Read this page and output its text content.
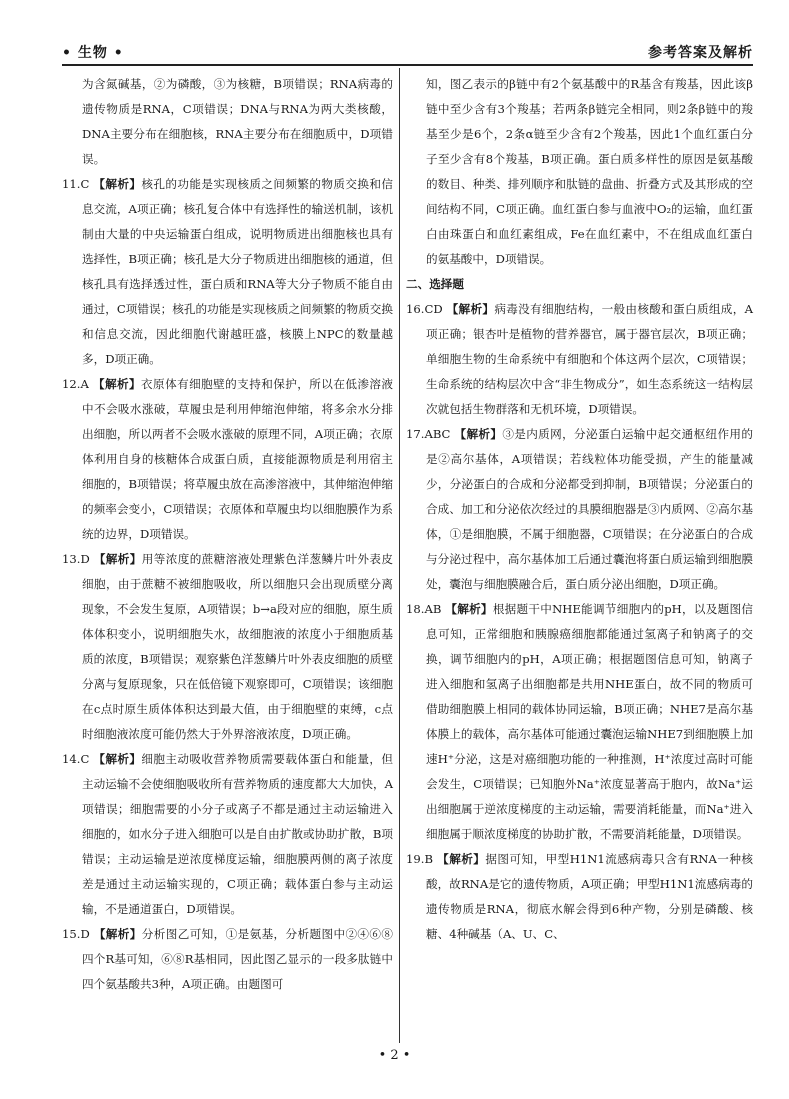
• 生物 •	参考答案及解析

为含氮碱基，②为磷酸，③为核糖，B项错误；RNA病毒的遗传物质是RNA，C项错误；DNA与RNA为两大类核酸，DNA主要分布在细胞核，RNA主要分布在细胞质中，D项错误。

11.C 【解析】核孔的功能是实现核质之间频繁的物质交换和信息交流，A项正确；核孔复合体中有选择性的输送机制，该机制由大量的中央运输蛋白组成，说明物质进出细胞核也具有选择性，B项正确；核孔是大分子物质进出细胞核的通道，但核孔具有选择透过性，蛋白质和RNA等大分子物质不能自由通过，C项错误；核孔的功能是实现核质之间频繁的物质交换和信息交流，因此细胞代谢越旺盛，核膜上NPC的数量越多，D项正确。

12.A 【解析】衣原体有细胞壁的支持和保护，所以在低渗溶液中不会吸水涨破，草履虫是利用伸缩泡伸缩，将多余水分排出细胞，所以两者不会吸水涨破的原理不同，A项正确；衣原体利用自身的核糖体合成蛋白质，直接能源物质是利用宿主细胞的，B项错误；将草履虫放在高渗溶液中，其伸缩泡伸缩的频率会变小，C项错误；衣原体和草履虫均以细胞膜作为系统的边界，D项错误。

13.D 【解析】用等浓度的蔗糖溶液处理紫色洋葱鳞片叶外表皮细胞，由于蔗糖不被细胞吸收，所以细胞只会出现质壁分离现象，不会发生复原，A项错误；b→a段对应的细胞，原生质体体积变小，说明细胞失水，故细胞液的浓度小于细胞质基质的浓度，B项错误；观察紫色洋葱鳞片叶外表皮细胞的质壁分离与复原现象，只在低倍镜下观察即可，C项错误；该细胞在c点时原生质体体积达到最大值，由于细胞壁的束缚，c点时细胞液浓度可能仍然大于外界溶液浓度，D项正确。

14.C 【解析】细胞主动吸收营养物质需要载体蛋白和能量，但主动运输不会使细胞吸收所有营养物质的速度都大大加快，A项错误；细胞需要的小分子或离子不都是通过主动运输进入细胞的，如水分子进入细胞可以是自由扩散或协助扩散，B项错误；主动运输是逆浓度梯度运输，细胞膜两侧的离子浓度差是通过主动运输实现的，C项正确；载体蛋白参与主动运输，不是通道蛋白，D项错误。

15.D 【解析】分析图乙可知，①是氨基，分析题图中②④⑥⑧四个R基可知，⑥⑧R基相同，因此图乙显示的一段多肽链中四个氨基酸共3种，A项正确。由题图可

知，图乙表示的β链中有2个氨基酸中的R基含有羧基，因此该β链中至少含有3个羧基；若两条β链完全相同，则2条β链中的羧基至少是6个，2条α链至少含有2个羧基，因此1个血红蛋白分子至少含有8个羧基，B项正确。蛋白质多样性的原因是氨基酸的数目、种类、排列顺序和肽链的盘曲、折叠方式及其形成的空间结构不同，C项正确。血红蛋白参与血液中O₂的运输，血红蛋白由珠蛋白和血红素组成，Fe在血红素中，不在组成血红蛋白的氨基酸中，D项错误。

二、选择题

16.CD 【解析】病毒没有细胞结构，一般由核酸和蛋白质组成，A项正确；银杏叶是植物的营养器官，属于器官层次，B项正确；单细胞生物的生命系统中有细胞和个体这两个层次，C项错误；生命系统的结构层次中含“非生物成分”，如生态系统这一结构层次就包括生物群落和无机环境，D项错误。

17.ABC 【解析】③是内质网，分泌蛋白运输中起交通枢纽作用的是②高尔基体，A项错误；若线粒体功能受损，产生的能量减少，分泌蛋白的合成和分泌都受到抑制，B项错误；分泌蛋白的合成、加工和分泌依次经过的具膜细胞器是③内质网、②高尔基体，①是细胞膜，不属于细胞器，C项错误；在分泌蛋白的合成与分泌过程中，高尔基体加工后通过囊泡将蛋白质运输到细胞膜处，囊泡与细胞膜融合后，蛋白质分泌出细胞，D项正确。

18.AB 【解析】根据题干中NHE能调节细胞内的pH，以及题图信息可知，正常细胞和胰腺癌细胞都能通过氢离子和钠离子的交换，调节细胞内的pH，A项正确；根据题图信息可知，钠离子进入细胞和氢离子出细胞都是共用NHE蛋白，故不同的物质可借助细胞膜上相同的载体协同运输，B项正确；NHE7是高尔基体膜上的载体，高尔基体可能通过囊泡运输NHE7到细胞膜上加速H⁺分泌，这是对癌细胞功能的一种推测，H⁺浓度过高时可能会发生，C项错误；已知胞外Na⁺浓度显著高于胞内，故Na⁺运出细胞属于逆浓度梯度的主动运输，需要消耗能量，而Na⁺进入细胞属于顺浓度梯度的协助扩散，不需要消耗能量，D项错误。

19.B 【解析】据图可知，甲型H1N1流感病毒只含有RNA一种核酸，故RNA是它的遗传物质，A项正确；甲型H1N1流感病毒的遗传物质是RNA，彻底水解会得到6种产物，分别是磷酸、核糖、4种碱基（A、U、C、

• 2 •
